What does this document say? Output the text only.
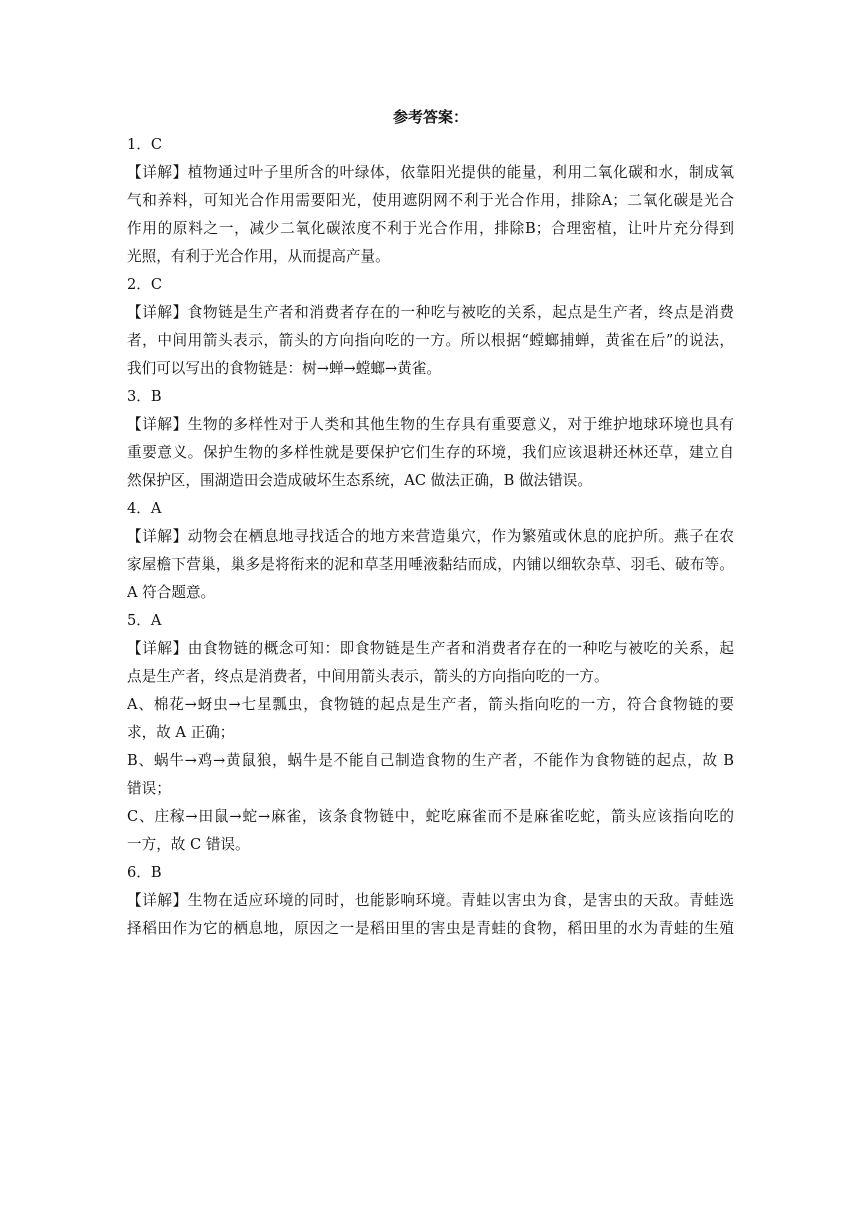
参考答案：

1．C

【详解】植物通过叶子里所含的叶绿体，依靠阳光提供的能量，利用二氧化碳和水，制成氧

气和养料，可知光合作用需要阳光，使用遮阴网不利于光合作用，排除A；二氧化碳是光合

作用的原料之一，减少二氧化碳浓度不利于光合作用，排除B；合理密植，让叶片充分得到

光照，有利于光合作用，从而提高产量。

2．C

【详解】食物链是生产者和消费者存在的一种吃与被吃的关系，起点是生产者，终点是消费

者，中间用箭头表示，箭头的方向指向吃的一方。所以根据“螳螂捕蝉，黄雀在后”的说法，

我们可以写出的食物链是：树→蝉→螳螂→黄雀。

3．B

【详解】生物的多样性对于人类和其他生物的生存具有重要意义，对于维护地球环境也具有

重要意义。保护生物的多样性就是要保护它们生存的环境，我们应该退耕还林还草，建立自

然保护区，围湖造田会造成破坏生态系统，AC 做法正确，B 做法错误。

4．A

【详解】动物会在栖息地寻找适合的地方来营造巢穴，作为繁殖或休息的庇护所。燕子在农

家屋檐下营巢，巢多是将衔来的泥和草茎用唾液黏结而成，内铺以细软杂草、羽毛、破布等。

A 符合题意。

5．A

【详解】由食物链的概念可知：即食物链是生产者和消费者存在的一种吃与被吃的关系，起

点是生产者，终点是消费者，中间用箭头表示，箭头的方向指向吃的一方。

A、棉花→蚜虫→七星瓢虫，食物链的起点是生产者，箭头指向吃的一方，符合食物链的要

求，故 A 正确；

B、蜗牛→鸡→黄鼠狼，蜗牛是不能自己制造食物的生产者，不能作为食物链的起点，故 B

错误；

C、庄稼→田鼠→蛇→麻雀，该条食物链中，蛇吃麻雀而不是麻雀吃蛇，箭头应该指向吃的

一方，故 C 错误。

6．B

【详解】生物在适应环境的同时，也能影响环境。青蛙以害虫为食，是害虫的天敌。青蛙选

择稻田作为它的栖息地，原因之一是稻田里的害虫是青蛙的食物，稻田里的水为青蛙的生殖
